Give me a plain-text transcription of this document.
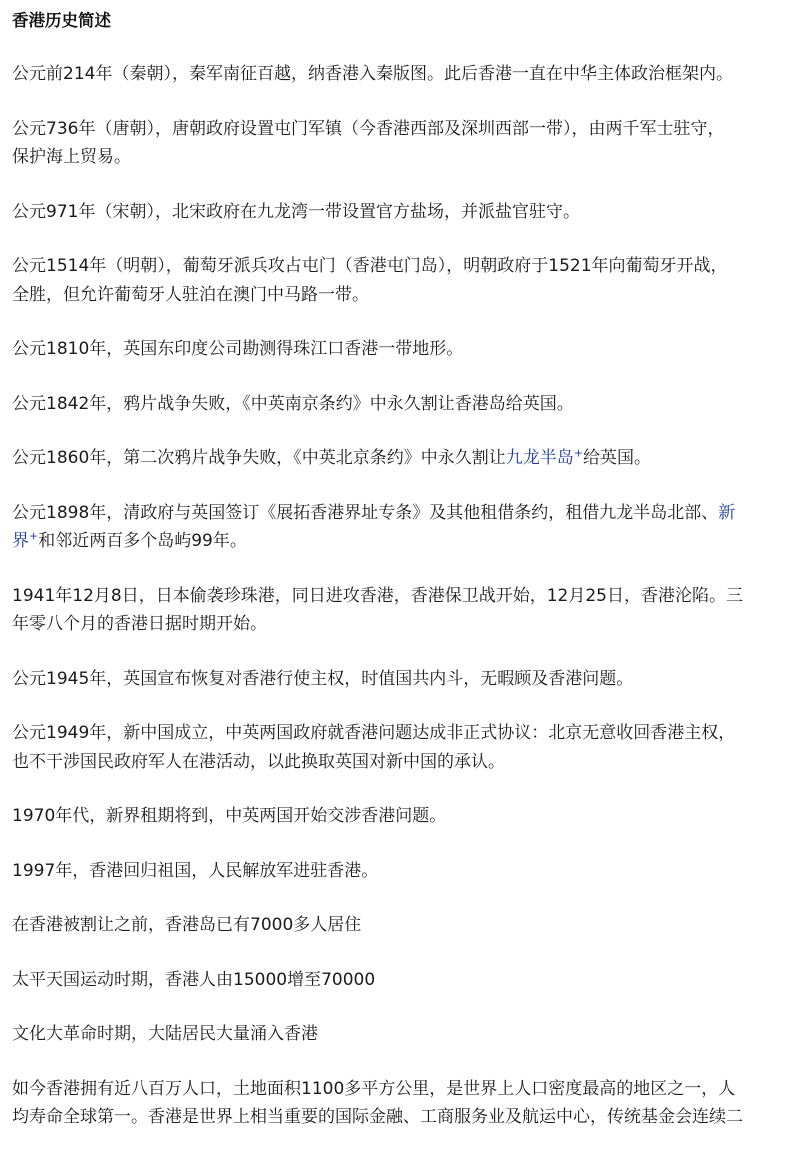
香港历史简述
公元前214年（秦朝），秦军南征百越，纳香港入秦版图。此后香港一直在中华主体政治框架内。
公元736年（唐朝），唐朝政府设置屯门军镇（今香港西部及深圳西部一带），由两千军士驻守，
保护海上贸易。
公元971年（宋朝），北宋政府在九龙湾一带设置官方盐场，并派盐官驻守。
公元1514年（明朝），葡萄牙派兵攻占屯门（香港屯门岛），明朝政府于1521年向葡萄牙开战，
全胜，但允许葡萄牙人驻泊在澳门中马路一带。
公元1810年，英国东印度公司勘测得珠江口香港一带地形。
公元1842年，鸦片战争失败，《中英南京条约》中永久割让香港岛给英国。
公元1860年，第二次鸦片战争失败，《中英北京条约》中永久割让九龙半岛+给英国。
公元1898年，清政府与英国签订《展拓香港界址专条》及其他租借条约，租借九龙半岛北部、新
界+和邻近两百多个岛屿99年。
1941年12月8日，日本偷袭珍珠港，同日进攻香港，香港保卫战开始，12月25日，香港沦陷。三
年零八个月的香港日据时期开始。
公元1945年，英国宣布恢复对香港行使主权，时值国共内斗，无暇顾及香港问题。
公元1949年，新中国成立，中英两国政府就香港问题达成非正式协议：北京无意收回香港主权，
也不干涉国民政府军人在港活动，以此换取英国对新中国的承认。
1970年代，新界租期将到，中英两国开始交涉香港问题。
1997年，香港回归祖国，人民解放军进驻香港。
在香港被割让之前，香港岛已有7000多人居住
太平天国运动时期，香港人由15000增至70000
文化大革命时期，大陆居民大量涌入香港
如今香港拥有近八百万人口，土地面积1100多平方公里，是世界上人口密度最高的地区之一，人
均寿命全球第一。香港是世界上相当重要的国际金融、工商服务业及航运中心，传统基金会连续二
